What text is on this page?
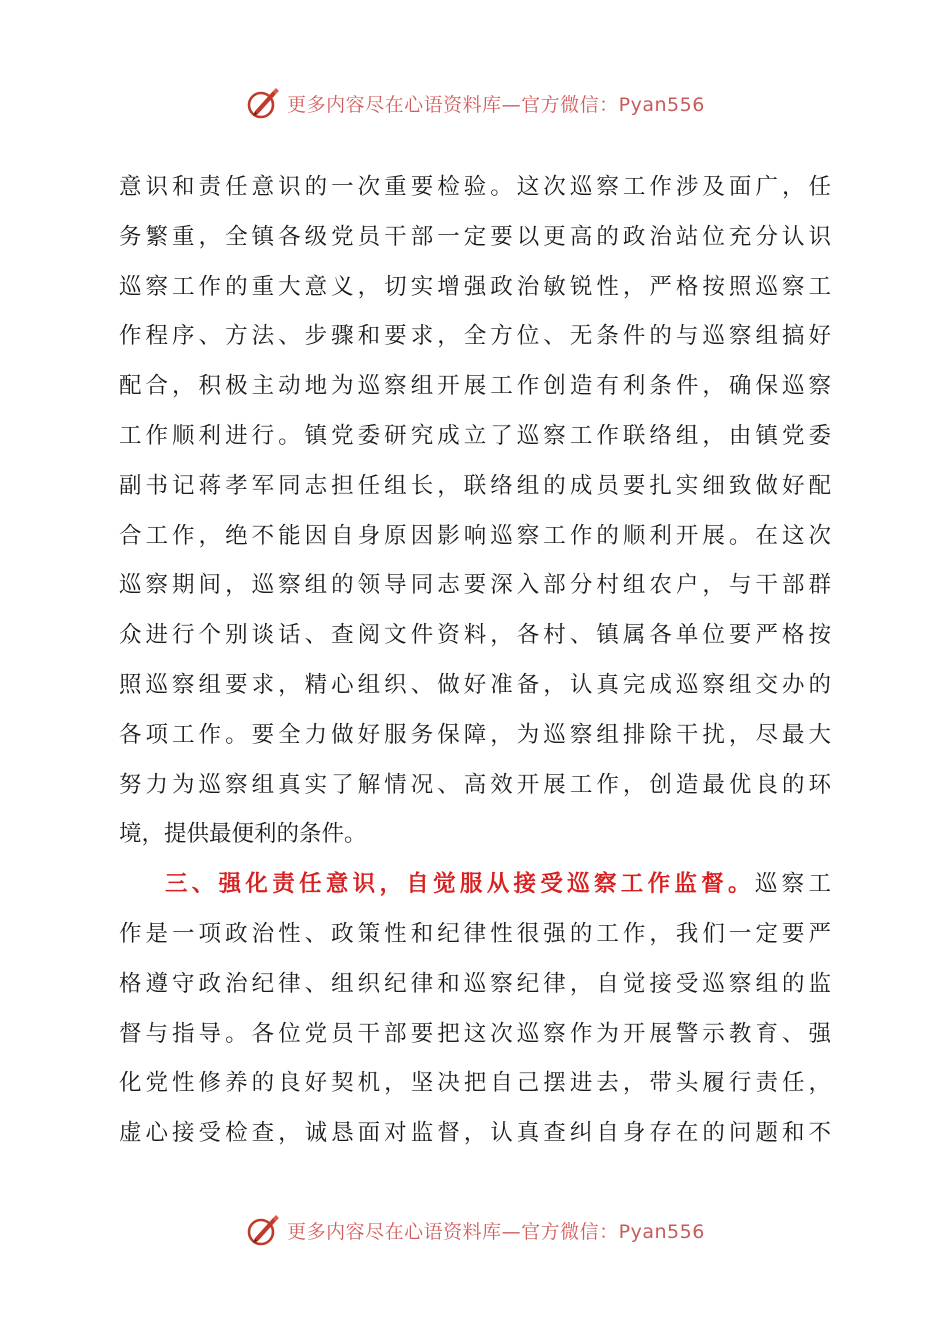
更多内容尽在心语资料库—官方微信：Pyan556
意识和责任意识的一次重要检验。这次巡察工作涉及面广，任
务繁重，全镇各级党员干部一定要以更高的政治站位充分认识
巡察工作的重大意义，切实增强政治敏锐性，严格按照巡察工
作程序、方法、步骤和要求，全方位、无条件的与巡察组搞好
配合，积极主动地为巡察组开展工作创造有利条件，确保巡察
工作顺利进行。镇党委研究成立了巡察工作联络组，由镇党委
副书记蒋孝军同志担任组长，联络组的成员要扎实细致做好配
合工作，绝不能因自身原因影响巡察工作的顺利开展。在这次
巡察期间，巡察组的领导同志要深入部分村组农户，与干部群
众进行个别谈话、查阅文件资料，各村、镇属各单位要严格按
照巡察组要求，精心组织、做好准备，认真完成巡察组交办的
各项工作。要全力做好服务保障，为巡察组排除干扰，尽最大
努力为巡察组真实了解情况、高效开展工作，创造最优良的环
境，提供最便利的条件。
三、强化责任意识，自觉服从接受巡察工作监督。巡察工
作是一项政治性、政策性和纪律性很强的工作，我们一定要严
格遵守政治纪律、组织纪律和巡察纪律，自觉接受巡察组的监
督与指导。各位党员干部要把这次巡察作为开展警示教育、强
化党性修养的良好契机，坚决把自己摆进去，带头履行责任，
虚心接受检查，诚恳面对监督，认真查纠自身存在的问题和不
更多内容尽在心语资料库—官方微信：Pyan556
